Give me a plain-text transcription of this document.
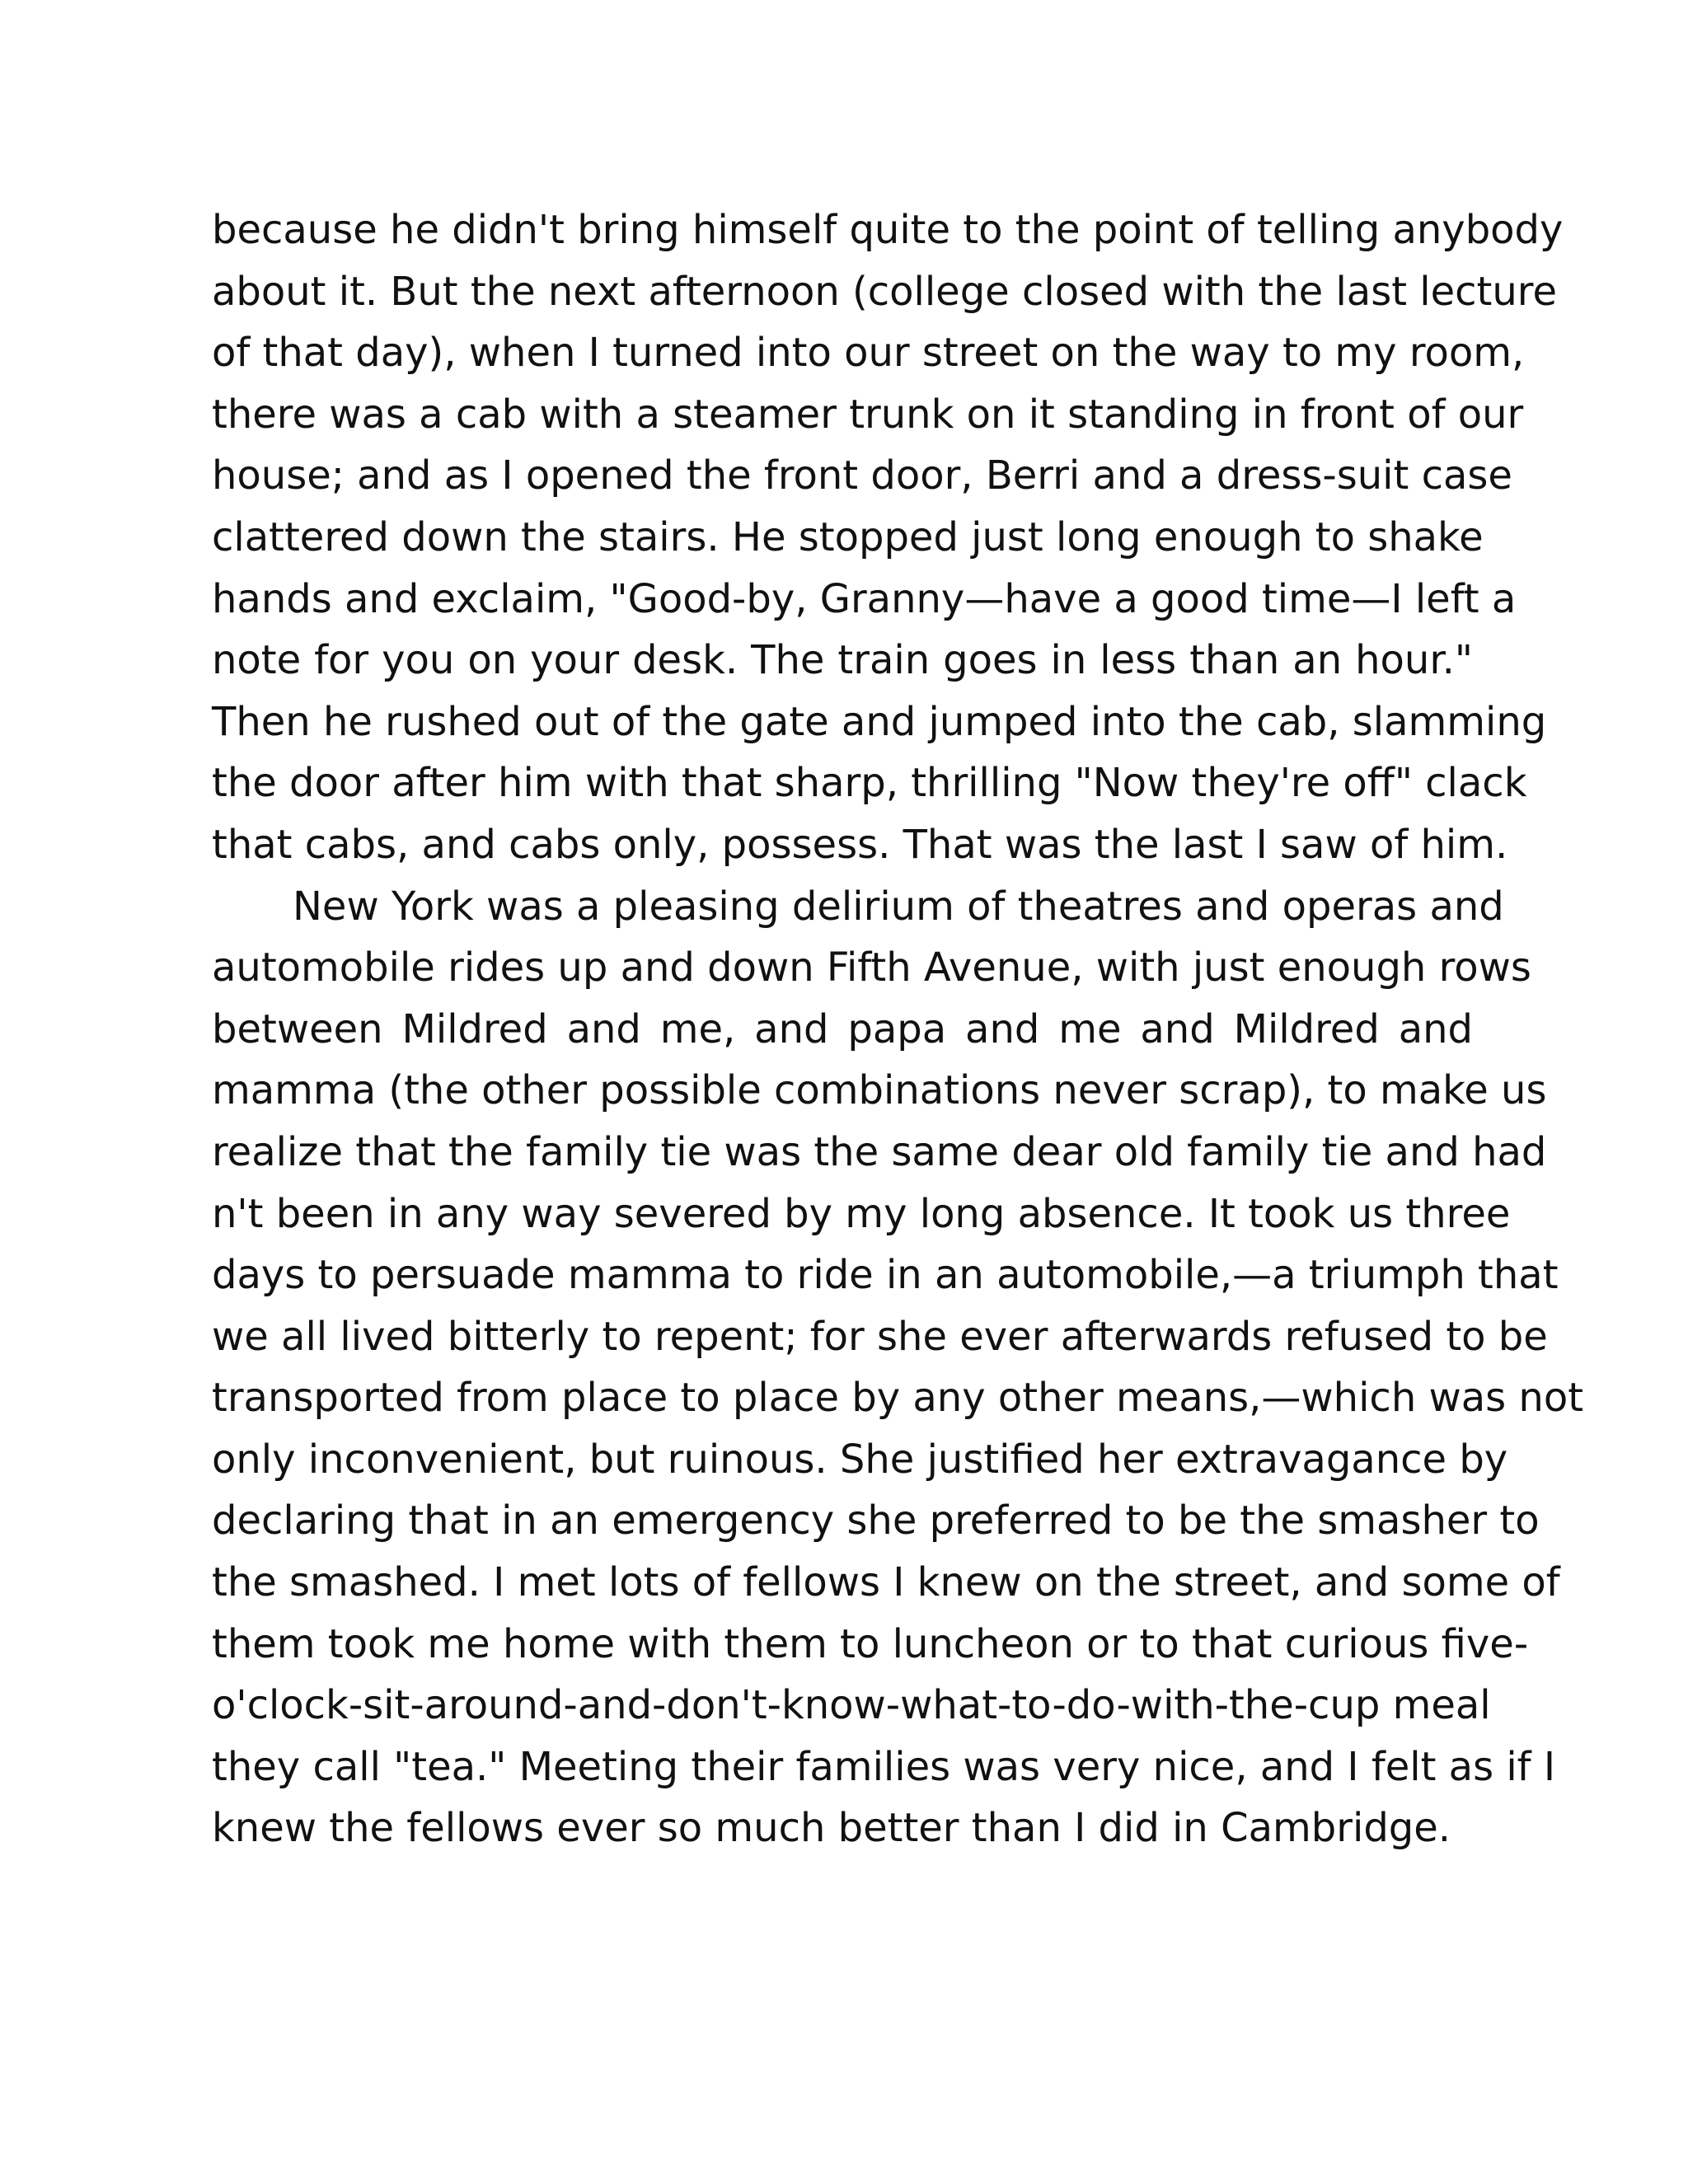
because he didn't bring himself quite to the point of telling anybody
about it. But the next afternoon (college closed with the last lecture
of that day), when I turned into our street on the way to my room,
there was a cab with a steamer trunk on it standing in front of our
house; and as I opened the front door, Berri and a dress-suit case
clattered down the stairs. He stopped just long enough to shake
hands and exclaim, "Good-by, Granny—have a good time—I left a
note for you on your desk. The train goes in less than an hour."
Then he rushed out of the gate and jumped into the cab, slamming
the door after him with that sharp, thrilling "Now they're off" clack
that cabs, and cabs only, possess. That was the last I saw of him.
New York was a pleasing delirium of theatres and operas and
automobile rides up and down Fifth Avenue, with just enough rows
between Mildred and me, and papa and me and Mildred and
mamma (the other possible combinations never scrap), to make us
realize that the family tie was the same dear old family tie and had
n't been in any way severed by my long absence. It took us three
days to persuade mamma to ride in an automobile,—a triumph that
we all lived bitterly to repent; for she ever afterwards refused to be
transported from place to place by any other means,—which was not
only inconvenient, but ruinous. She justified her extravagance by
declaring that in an emergency she preferred to be the smasher to
the smashed. I met lots of fellows I knew on the street, and some of
them took me home with them to luncheon or to that curious five-
o'clock-sit-around-and-don't-know-what-to-do-with-the-cup meal
they call "tea." Meeting their families was very nice, and I felt as if I
knew the fellows ever so much better than I did in Cambridge.
